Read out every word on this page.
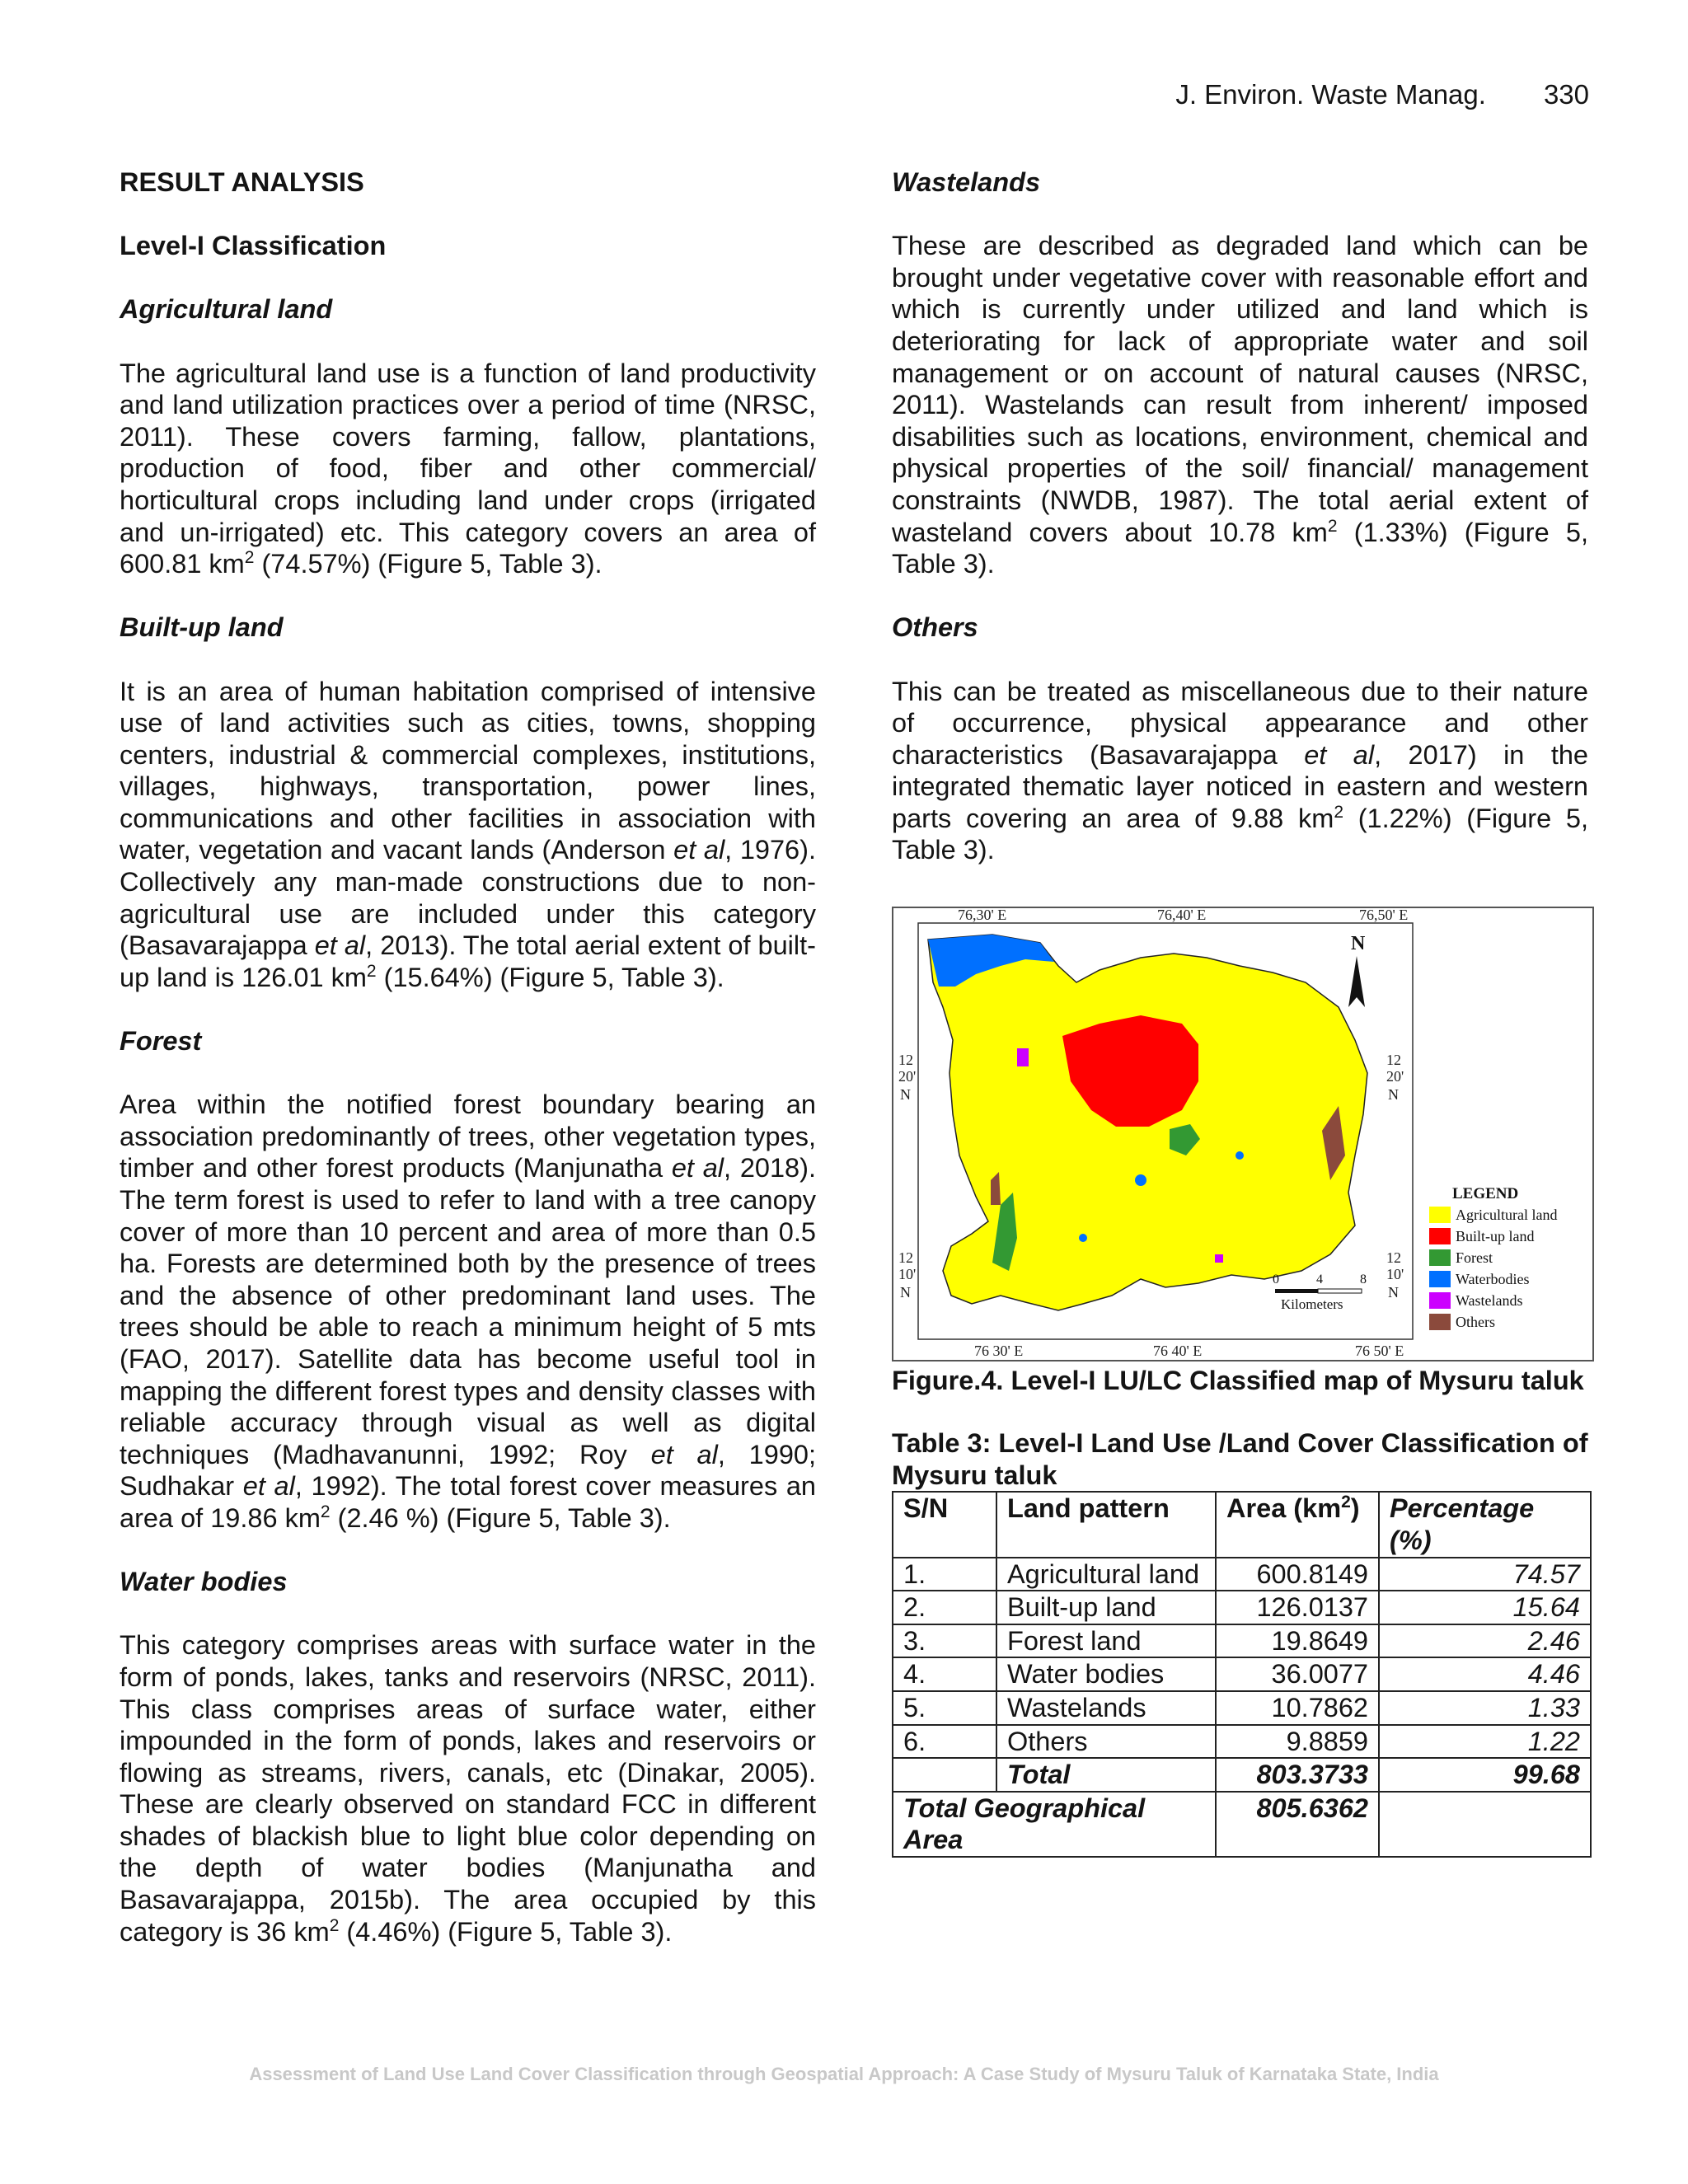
J. Environ. Waste Manag. 330
RESULT ANALYSIS
Level-I Classification
Agricultural land

The agricultural land use is a function of land productivity and land utilization practices over a period of time (NRSC, 2011). These covers farming, fallow, plantations, production of food, fiber and other commercial/ horticultural crops including land under crops (irrigated and un-irrigated) etc. This category covers an area of 600.81 $km^2$ (74.57%) (Figure 5, Table 3).

Built-up land

It is an area of human habitation comprised of intensive use of land activities such as cities, towns, shopping centers, industrial & commercial complexes, institutions, villages, highways, transportation, power lines, communications and other facilities in association with water, vegetation and vacant lands (Anderson et al, 1976). Collectively any man-made constructions due to non-agricultural use are included under this category (Basavarajappa et al, 2013). The total aerial extent of built-up land is 126.01 $km^2$ (15.64%) (Figure 5, Table 3).

Forest

Area within the notified forest boundary bearing an association predominantly of trees, other vegetation types, timber and other forest products (Manjunatha et al, 2018). The term forest is used to refer to land with a tree canopy cover of more than 10 percent and area of more than 0.5 ha. Forests are determined both by the presence of trees and the absence of other predominant land uses. The trees should be able to reach a minimum height of 5 mts (FAO, 2017). Satellite data has become useful tool in mapping the different forest types and density classes with reliable accuracy through visual as well as digital techniques (Madhavanunni, 1992; Roy et al, 1990; Sudhakar et al, 1992). The total forest cover measures an area of 19.86 $km^2$ (2.46 %) (Figure 5, Table 3).

Water bodies

This category comprises areas with surface water in the form of ponds, lakes, tanks and reservoirs (NRSC, 2011). This class comprises areas of surface water, either impounded in the form of ponds, lakes and reservoirs or flowing as streams, rivers, canals, etc (Dinakar, 2005). These are clearly observed on standard FCC in different shades of blackish blue to light blue color depending on the depth of water bodies (Manjunatha and Basavarajappa, 2015b). The area occupied by this category is 36 $km^2$ (4.46%) (Figure 5, Table 3).

Wastelands

These are described as degraded land which can be brought under vegetative cover with reasonable effort and which is currently under utilized and land which is deteriorating for lack of appropriate water and soil management or on account of natural causes (NRSC, 2011). Wastelands can result from inherent/ imposed disabilities such as locations, environment, chemical and physical properties of the soil/ financial/ management constraints (NWDB, 1987). The total aerial extent of wasteland covers about 10.78 $km^2$ (1.33%) (Figure 5, Table 3).

Others

This can be treated as miscellaneous due to their nature of occurrence, physical appearance and other characteristics (Basavarajappa et al, 2017) in the integrated thematic layer noticed in eastern and western parts covering an area of 9.88 $km^2$ (1.22%) (Figure 5, Table 3).

76,30' E	76,40' E	76,50' E
76 30' E	76 40' E	76 50' E
12
20'
N
12
10'
N
12
20'
N
12
10'
N
N
0	4	8
Kilometers
LEGEND
Agricultural land
Built-up land
Forest
Waterbodies
Wastelands
Others

Figure.4. Level-I LU/LC Classified map of Mysuru taluk

Table 3: Level-I Land Use /Land Cover Classification of Mysuru taluk
S/N	Land pattern	Area $(km^2)$	Percentage (%)
1.	Agricultural land	600.8149	74.57
2.	Built-up land	126.0137	15.64
3.	Forest land	19.8649	2.46
4.	Water bodies	36.0077	4.46
5.	Wastelands	10.7862	1.33
6.	Others	9.8859	1.22
	Total	803.3733	99.68
Total Geographical Area		805.6362	
Assessment of Land Use Land Cover Classification through Geospatial Approach: A Case Study of Mysuru Taluk of Karnataka State, India
